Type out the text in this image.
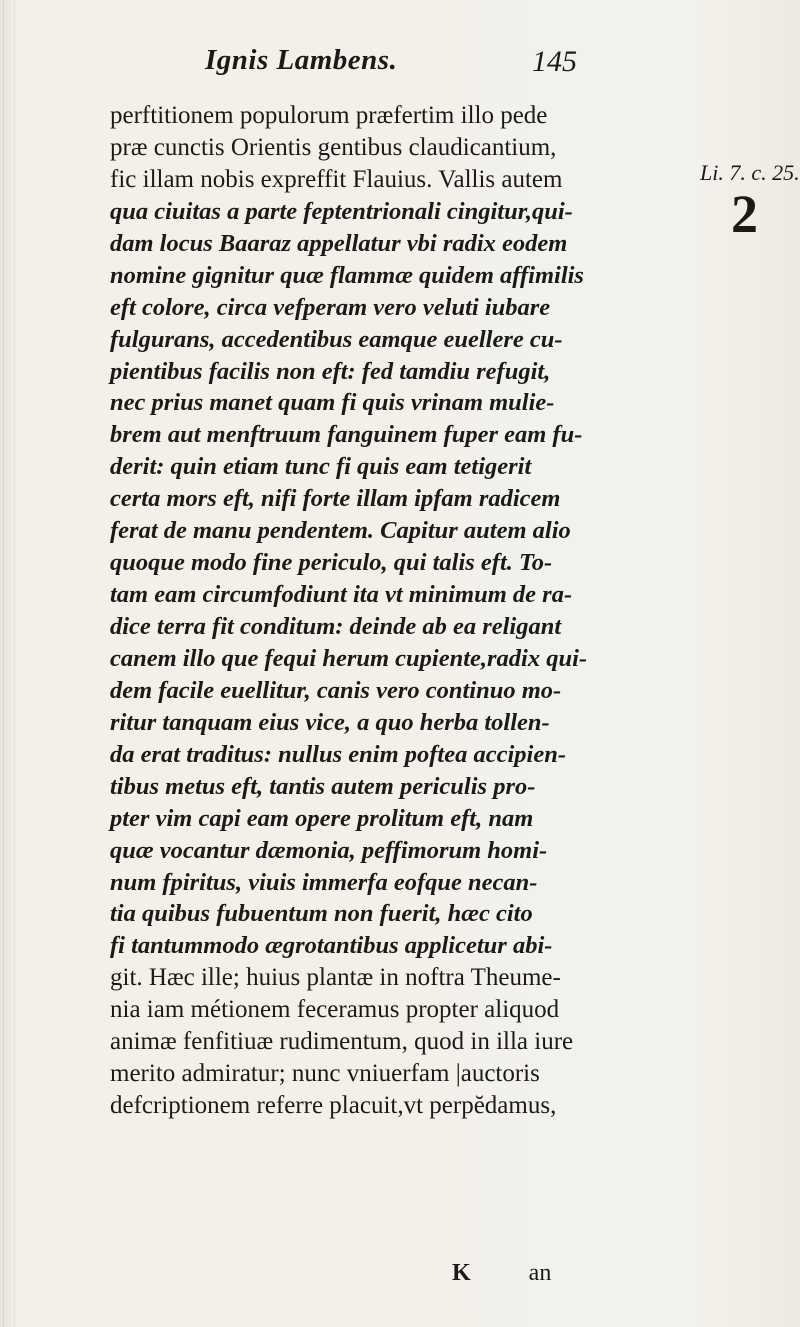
Ignis Lambens.	145
perftitionem populorum præfertim illo pede
præ cunctis Orientis gentibus claudicantium,
fic illam nobis expreffit Flauius. Vallis autem
qua ciuitas a parte feptentrionali cingitur,qui-
dam locus Baaraz appellatur vbi radix eodem
nomine gignitur quæ flammæ quidem affimilis
eft colore, circa vefperam vero veluti iubare
fulgurans, accedentibus eamque euellere cu-
pientibus facilis non eft: fed tamdiu refugit,
nec prius manet quam fi quis vrinam mulie-
brem aut menftruum fanguinem fuper eam fu-
derit: quin etiam tunc fi quis eam tetigerit
certa mors eft, nifi forte illam ipfam radicem
ferat de manu pendentem. Capitur autem alio
quoque modo fine periculo, qui talis eft. To-
tam eam circumfodiunt ita vt minimum de ra-
dice terra fit conditum: deinde ab ea religant
canem illo que fequi herum cupiente,radix qui-
dem facile euellitur, canis vero continuo mo-
ritur tanquam eius vice, a quo herba tollen-
da erat traditus: nullus enim poftea accipien-
tibus metus eft, tantis autem periculis pro-
pter vim capi eam opere prolitum eft, nam
quæ vocantur dæmonia, peffimorum homi-
num fpiritus, viuis immerfa eofque necan-
tia quibus fubuentum non fuerit, hæc cito
fi tantummodo ægrotantibus applicetur abi-
git. Hæc ille; huius plantæ in noftra Theume-
nia iam métionem feceramus propter aliquod
animæ fenfitiuæ rudimentum, quod in illa iure
merito admiratur; nunc vniuerfam |auctoris
defcriptionem referre placuit,vt perpĕdamus,
K an
Li. 7. c. 25.
2
